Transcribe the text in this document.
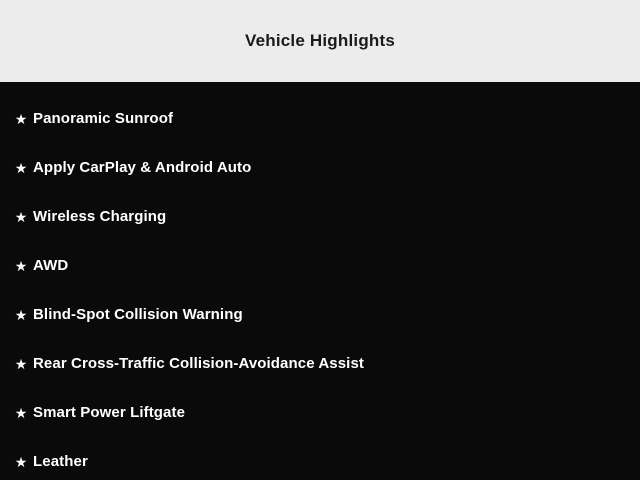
Vehicle Highlights
★ Panoramic Sunroof
★ Apply CarPlay & Android Auto
★ Wireless Charging
★ AWD
★ Blind-Spot Collision Warning
★ Rear Cross-Traffic Collision-Avoidance Assist
★ Smart Power Liftgate
★ Leather
